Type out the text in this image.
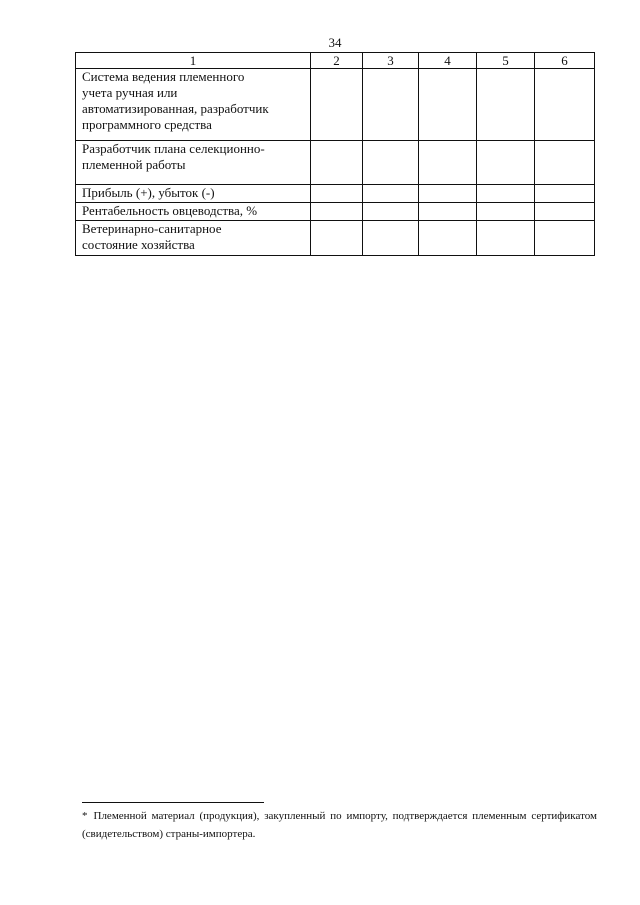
34
1	2	3	4	5	6

Система ведения племенного
учета ручная или
автоматизированная, разработчик
программного средства					

Разработчик плана селекционно-
племенной работы					

Прибыль (+), убыток (-)					

Рентабельность овцеводства, %					

Ветеринарно-санитарное
состояние хозяйства					

* Племенной материал (продукция), закупленный по импорту, подтверждается племенным сертификатом (свидетельством) страны-импортера.
